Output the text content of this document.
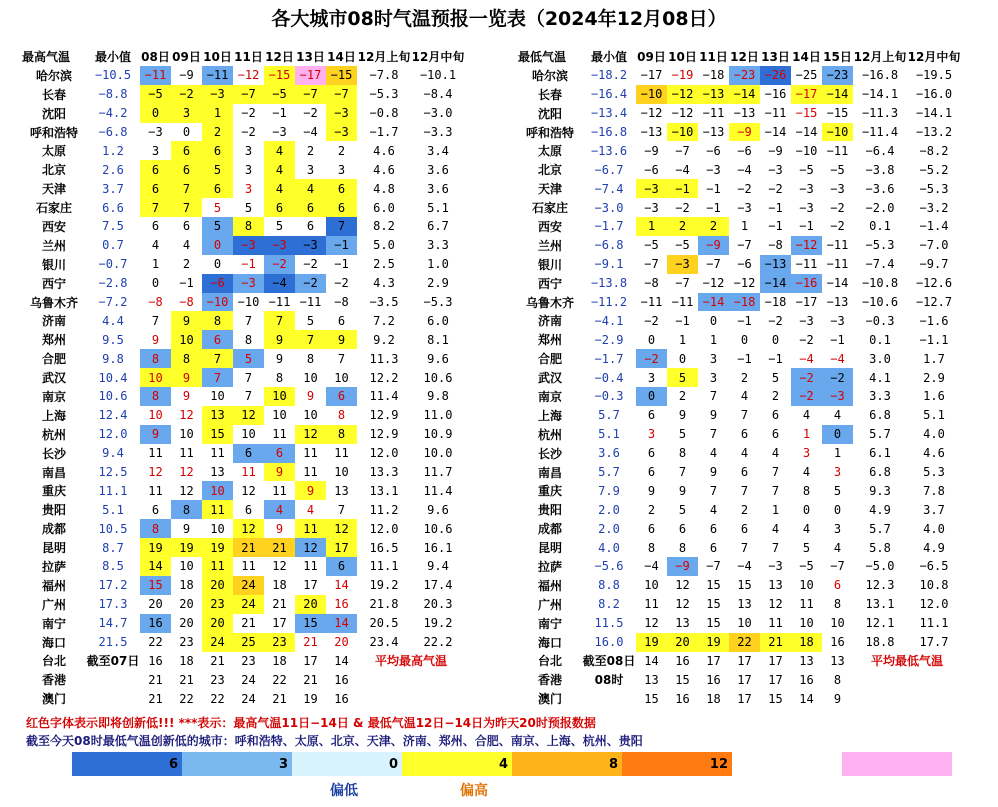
各大城市08时气温预报一览表（2024年12月08日）
最高气温	最小值	08日	09日	10日	11日	12日	13日	14日	12月上旬	12月中旬
哈尔滨	−10.5	−11	−9	−11	−12	−15	−17	−15	−7.8	−10.1
长春	−8.8	−5	−2	−3	−7	−5	−7	−7	−5.3	−8.4
沈阳	−4.2	0	3	1	−2	−1	−2	−3	−0.8	−3.0
呼和浩特	−6.8	−3	0	2	−2	−3	−4	−3	−1.7	−3.3
太原	1.2	3	6	6	3	4	2	2	4.6	3.4
北京	2.6	6	6	5	3	4	3	3	4.6	3.6
天津	3.7	6	7	6	3	4	4	6	4.8	3.6
石家庄	6.6	7	7	5	5	6	6	6	6.0	5.1
西安	7.5	6	6	5	8	5	6	7	8.2	6.7
兰州	0.7	4	4	0	−3	−3	−3	−1	5.0	3.3
银川	−0.7	1	2	0	−1	−2	−2	−1	2.5	1.0
西宁	−2.8	0	−1	−6	−3	−4	−2	−2	4.3	2.9
乌鲁木齐	−7.2	−8	−8	−10	−10	−11	−11	−8	−3.5	−5.3
济南	4.4	7	9	8	7	7	5	6	7.2	6.0
郑州	9.5	9	10	6	8	9	7	9	9.2	8.1
合肥	9.8	8	8	7	5	9	8	7	11.3	9.6
武汉	10.4	10	9	7	7	8	10	10	12.2	10.6
南京	10.6	8	9	10	7	10	9	6	11.4	9.8
上海	12.4	10	12	13	12	10	10	8	12.9	11.0
杭州	12.0	9	10	15	10	11	12	8	12.9	10.9
长沙	9.4	11	11	11	6	6	11	11	12.0	10.0
南昌	12.5	12	12	13	11	9	11	10	13.3	11.7
重庆	11.1	11	12	10	12	11	9	13	13.1	11.4
贵阳	5.1	6	8	11	6	4	4	7	11.2	9.6
成都	10.5	8	9	10	12	9	11	12	12.0	10.6
昆明	8.7	19	19	19	21	21	12	17	16.5	16.1
拉萨	8.5	14	10	11	11	12	11	6	11.1	9.4
福州	17.2	15	18	20	24	18	17	14	19.2	17.4
广州	17.3	20	20	23	24	21	20	16	21.8	20.3
南宁	14.7	16	20	20	21	17	15	14	20.5	19.2
海口	21.5	22	23	24	25	23	21	20	23.4	22.2
台北	截至07日	16	18	21	23	18	17	14	平均最高气温	
香港		21	21	23	24	22	21	16		
澳门		21	22	22	24	21	19	16		
最低气温	最小值	09日	10日	11日	12日	13日	14日	15日	12月上旬	12月中旬
哈尔滨	−18.2	−17	−19	−18	−23	−26	−25	−23	−16.8	−19.5
长春	−16.4	−10	−12	−13	−14	−16	−17	−14	−14.1	−16.0
沈阳	−13.4	−12	−12	−11	−13	−11	−15	−15	−11.3	−14.1
呼和浩特	−16.8	−13	−10	−13	−9	−14	−14	−10	−11.4	−13.2
太原	−13.6	−9	−7	−6	−6	−9	−10	−11	−6.4	−8.2
北京	−6.7	−6	−4	−3	−4	−3	−5	−5	−3.8	−5.2
天津	−7.4	−3	−1	−1	−2	−2	−3	−3	−3.6	−5.3
石家庄	−3.0	−3	−2	−1	−3	−1	−3	−2	−2.0	−3.2
西安	−1.7	1	2	2	1	−1	−1	−2	0.1	−1.4
兰州	−6.8	−5	−5	−9	−7	−8	−12	−11	−5.3	−7.0
银川	−9.1	−7	−3	−7	−6	−13	−11	−11	−7.4	−9.7
西宁	−13.8	−8	−7	−12	−12	−14	−16	−14	−10.8	−12.6
乌鲁木齐	−11.2	−11	−11	−14	−18	−18	−17	−13	−10.6	−12.7
济南	−4.1	−2	−1	0	−1	−2	−3	−3	−0.3	−1.6
郑州	−2.9	0	1	1	0	0	−2	−1	0.1	−1.1
合肥	−1.7	−2	0	3	−1	−1	−4	−4	3.0	1.7
武汉	−0.4	3	5	3	2	5	−2	−2	4.1	2.9
南京	−0.3	0	2	7	4	2	−2	−3	3.3	1.6
上海	5.7	6	9	9	7	6	4	4	6.8	5.1
杭州	5.1	3	5	7	6	6	1	0	5.7	4.0
长沙	3.6	6	8	4	4	4	3	1	6.1	4.6
南昌	5.7	6	7	9	6	7	4	3	6.8	5.3
重庆	7.9	9	9	7	7	7	8	5	9.3	7.8
贵阳	2.0	2	5	4	2	1	0	0	4.9	3.7
成都	2.0	6	6	6	6	4	4	3	5.7	4.0
昆明	4.0	8	8	6	7	7	5	4	5.8	4.9
拉萨	−5.6	−4	−9	−7	−4	−3	−5	−7	−5.0	−6.5
福州	8.8	10	12	15	15	13	10	6	12.3	10.8
广州	8.2	11	12	15	13	12	11	8	13.1	12.0
南宁	11.5	12	13	15	10	11	10	10	12.1	11.1
海口	16.0	19	20	19	22	21	18	16	18.8	17.7
台北	截至08日	14	16	17	17	17	13	13	平均最低气温	
香港	08时	13	15	16	17	17	16	8		
澳门		15	16	18	17	15	14	9		
红色字体表示即将创新低!!! ***表示：最高气温11日−14日 & 最低气温12日−14日为昨天20时预报数据
截至今天08时最低气温创新低的城市：呼和浩特、太原、北京、天津、济南、郑州、合肥、南京、上海、杭州、贵阳
6	3	0	4	8	12
偏低	偏高
